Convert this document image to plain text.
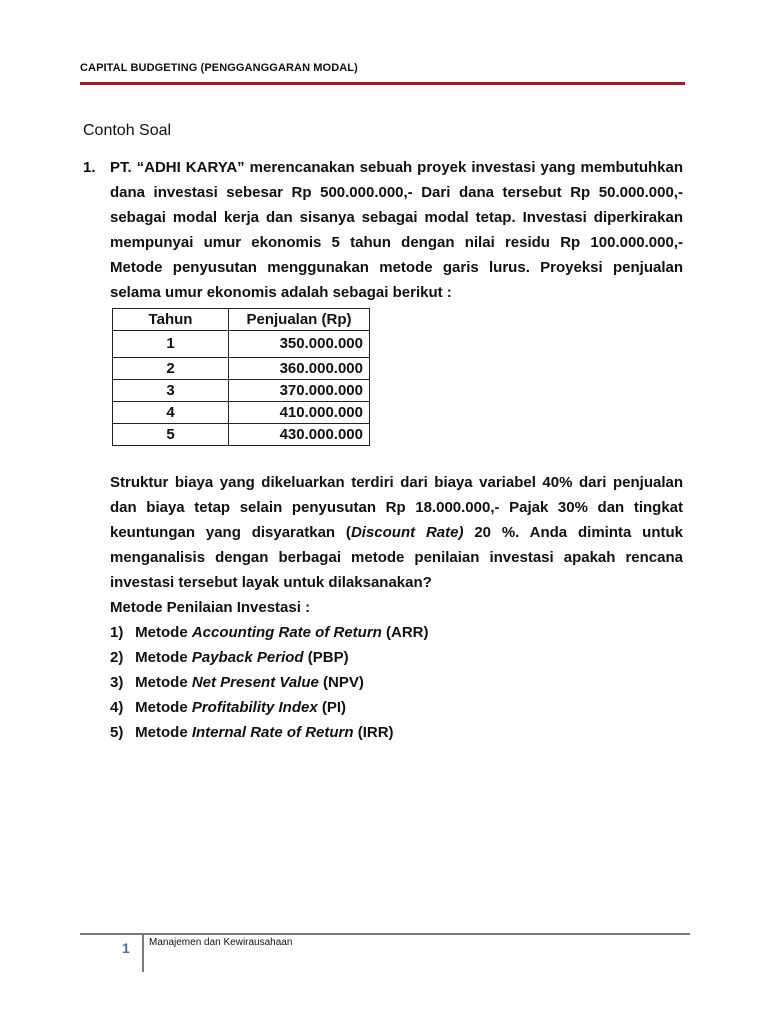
CAPITAL BUDGETING (PENGGANGGARAN MODAL)
Contoh Soal
1. PT. “ADHI KARYA” merencanakan sebuah proyek investasi yang membutuhkan dana investasi sebesar Rp 500.000.000,- Dari dana tersebut Rp 50.000.000,- sebagai modal kerja dan sisanya sebagai modal tetap. Investasi diperkirakan mempunyai umur ekonomis 5 tahun dengan nilai residu Rp 100.000.000,- Metode penyusutan menggunakan metode garis lurus. Proyeksi penjualan selama umur ekonomis adalah sebagai berikut :
Tahun	Penjualan (Rp)
1	350.000.000
2	360.000.000
3	370.000.000
4	410.000.000
5	430.000.000
Struktur biaya yang dikeluarkan terdiri dari biaya variabel 40% dari penjualan dan biaya tetap selain penyusutan Rp 18.000.000,- Pajak 30% dan tingkat keuntungan yang disyaratkan (Discount Rate) 20 %. Anda diminta untuk menganalisis dengan berbagai metode penilaian investasi apakah rencana investasi tersebut layak untuk dilaksanakan?
Metode Penilaian Investasi :
1) Metode Accounting Rate of Return (ARR)
2) Metode Payback Period (PBP)
3) Metode Net Present Value (NPV)
4) Metode Profitability Index (PI)
5) Metode Internal Rate of Return (IRR)
1 Manajemen dan Kewirausahaan
